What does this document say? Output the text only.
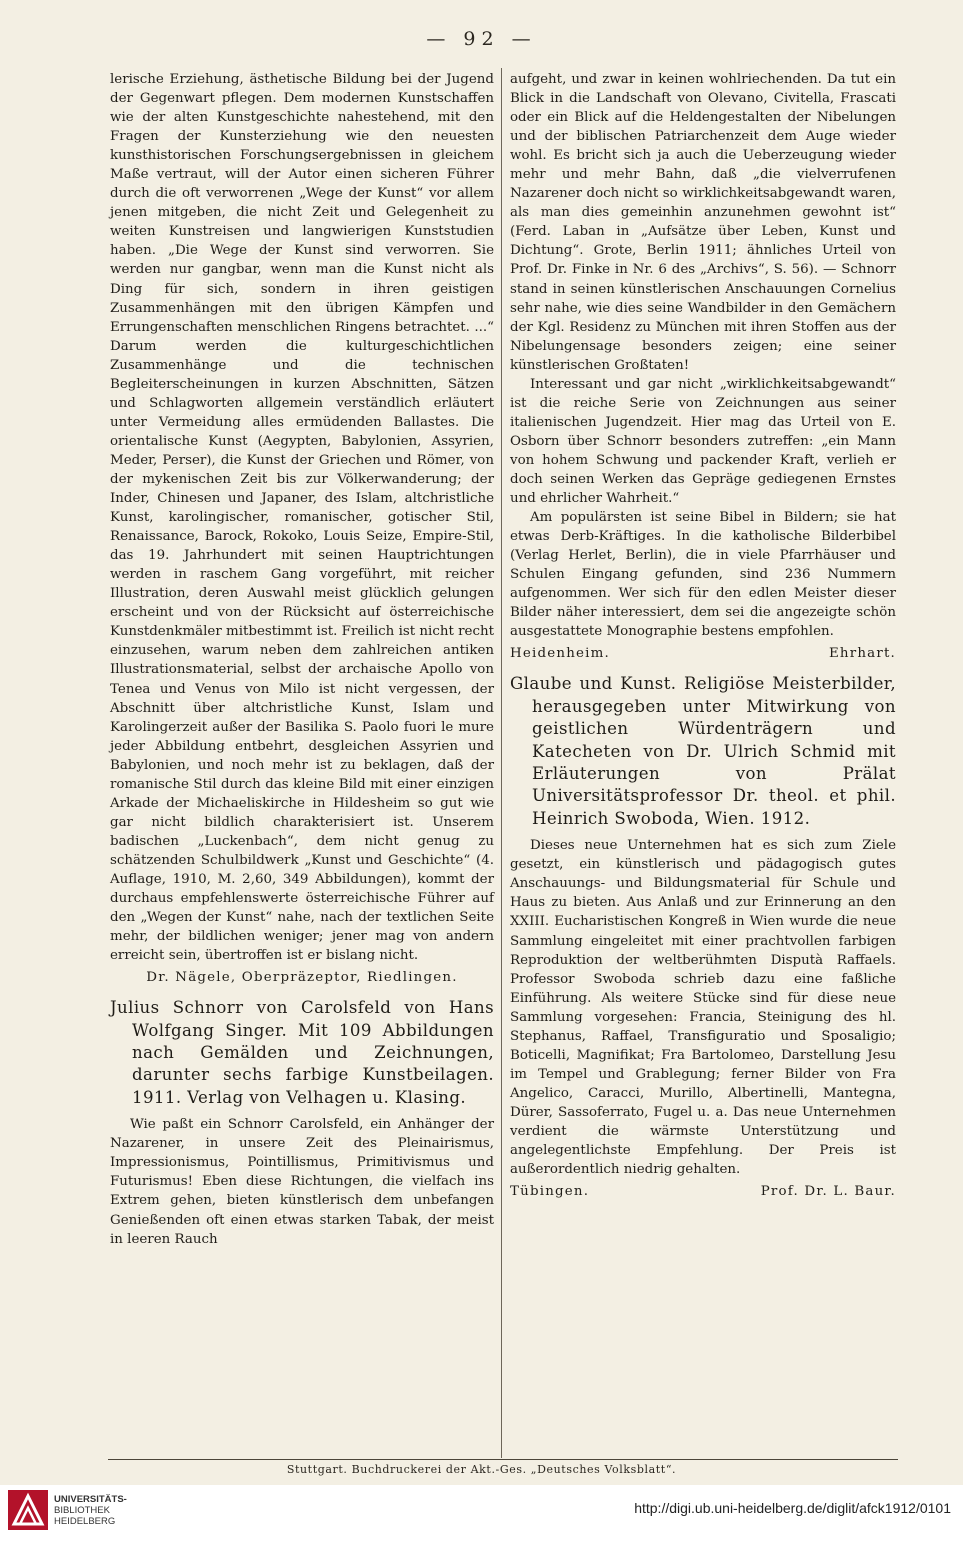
— 92 —

lerische Erziehung, ästhetische Bildung bei der Jugend der Gegenwart pflegen. Dem modernen Kunstschaffen wie der alten Kunstgeschichte nahestehend, mit den Fragen der Kunsterziehung wie den neuesten kunsthistorischen Forschungsergebnissen in gleichem Maße vertraut, will der Autor einen sicheren Führer durch die oft verworrenen „Wege der Kunst“ vor allem jenen mitgeben, die nicht Zeit und Gelegenheit zu weiten Kunstreisen und langwierigen Kunststudien haben. „Die Wege der Kunst sind verworren. Sie werden nur gangbar, wenn man die Kunst nicht als Ding für sich, sondern in ihren geistigen Zusammenhängen mit den übrigen Kämpfen und Errungenschaften menschlichen Ringens betrachtet. ...“ Darum werden die kulturgeschichtlichen Zusammenhänge und die technischen Begleiterscheinungen in kurzen Abschnitten, Sätzen und Schlagworten allgemein verständlich erläutert unter Vermeidung alles ermüdenden Ballastes. Die orientalische Kunst (Aegypten, Babylonien, Assyrien, Meder, Perser), die Kunst der Griechen und Römer, von der mykenischen Zeit bis zur Völkerwanderung; der Inder, Chinesen und Japaner, des Islam, altchristliche Kunst, karolingischer, romanischer, gotischer Stil, Renaissance, Barock, Rokoko, Louis Seize, Empire-Stil, das 19. Jahrhundert mit seinen Hauptrichtungen werden in raschem Gang vorgeführt, mit reicher Illustration, deren Auswahl meist glücklich gelungen erscheint und von der Rücksicht auf österreichische Kunstdenkmäler mitbestimmt ist. Freilich ist nicht recht einzusehen, warum neben dem zahlreichen antiken Illustrationsmaterial, selbst der archaische Apollo von Tenea und Venus von Milo ist nicht vergessen, der Abschnitt über altchristliche Kunst, Islam und Karolingerzeit außer der Basilika S. Paolo fuori le mure jeder Abbildung entbehrt, desgleichen Assyrien und Babylonien, und noch mehr ist zu beklagen, daß der romanische Stil durch das kleine Bild mit einer einzigen Arkade der Michaeliskirche in Hildesheim so gut wie gar nicht bildlich charakterisiert ist. Unserem badischen „Luckenbach“, dem nicht genug zu schätzenden Schulbildwerk „Kunst und Geschichte“ (4. Auflage, 1910, M. 2,60, 349 Abbildungen), kommt der durchaus empfehlenswerte österreichische Führer auf den „Wegen der Kunst“ nahe, nach der textlichen Seite mehr, der bildlichen weniger; jener mag von andern erreicht sein, übertroffen ist er bislang nicht.

Dr. Nägele, Oberpräzeptor, Riedlingen.
Julius Schnorr von Carolsfeld von Hans Wolfgang Singer. Mit 109 Abbildungen nach Gemälden und Zeichnungen, darunter sechs farbige Kunstbeilagen. 1911. Verlag von Velhagen u. Klasing.

Wie paßt ein Schnorr Carolsfeld, ein Anhänger der Nazarener, in unsere Zeit des Pleinairismus, Impressionismus, Pointillismus, Primitivismus und Futurismus! Eben diese Richtungen, die vielfach ins Extrem gehen, bieten künstlerisch dem unbefangen Genießenden oft einen etwas starken Tabak, der meist in leeren Rauch

aufgeht, und zwar in keinen wohlriechenden. Da tut ein Blick in die Landschaft von Olevano, Civitella, Frascati oder ein Blick auf die Heldengestalten der Nibelungen und der biblischen Patriarchenzeit dem Auge wieder wohl. Es bricht sich ja auch die Ueberzeugung wieder mehr und mehr Bahn, daß „die vielverrufenen Nazarener doch nicht so wirklichkeitsabgewandt waren, als man dies gemeinhin anzunehmen gewohnt ist“ (Ferd. Laban in „Aufsätze über Leben, Kunst und Dichtung“. Grote, Berlin 1911; ähnliches Urteil von Prof. Dr. Finke in Nr. 6 des „Archivs“, S. 56). — Schnorr stand in seinen künstlerischen Anschauungen Cornelius sehr nahe, wie dies seine Wandbilder in den Gemächern der Kgl. Residenz zu München mit ihren Stoffen aus der Nibelungensage besonders zeigen; eine seiner künstlerischen Großtaten!

Interessant und gar nicht „wirklichkeitsabgewandt“ ist die reiche Serie von Zeichnungen aus seiner italienischen Jugendzeit. Hier mag das Urteil von E. Osborn über Schnorr besonders zutreffen: „ein Mann von hohem Schwung und packender Kraft, verlieh er doch seinen Werken das Gepräge gediegenen Ernstes und ehrlicher Wahrheit.“

Am populärsten ist seine Bibel in Bildern; sie hat etwas Derb-Kräftiges. In die katholische Bilderbibel (Verlag Herlet, Berlin), die in viele Pfarrhäuser und Schulen Eingang gefunden, sind 236 Nummern aufgenommen. Wer sich für den edlen Meister dieser Bilder näher interessiert, dem sei die angezeigte schön ausgestattete Monographie bestens empfohlen.

Heidenheim.	Ehrhart.
Glaube und Kunst. Religiöse Meisterbilder, herausgegeben unter Mitwirkung von geistlichen Würdenträgern und Katecheten von Dr. Ulrich Schmid mit Erläuterungen von Prälat Universitätsprofessor Dr. theol. et phil. Heinrich Swoboda, Wien. 1912.

Dieses neue Unternehmen hat es sich zum Ziele gesetzt, ein künstlerisch und pädagogisch gutes Anschauungs- und Bildungsmaterial für Schule und Haus zu bieten. Aus Anlaß und zur Erinnerung an den XXIII. Eucharistischen Kongreß in Wien wurde die neue Sammlung eingeleitet mit einer prachtvollen farbigen Reproduktion der weltberühmten Disputà Raffaels. Professor Swoboda schrieb dazu eine faßliche Einführung. Als weitere Stücke sind für diese neue Sammlung vorgesehen: Francia, Steinigung des hl. Stephanus, Raffael, Transfiguratio und Sposaligio; Boticelli, Magnifikat; Fra Bartolomeo, Darstellung Jesu im Tempel und Grablegung; ferner Bilder von Fra Angelico, Caracci, Murillo, Albertinelli, Mantegna, Dürer, Sassoferrato, Fugel u. a. Das neue Unternehmen verdient die wärmste Unterstützung und angelegentlichste Empfehlung. Der Preis ist außerordentlich niedrig gehalten.

Tübingen.	Prof. Dr. L. Baur.
Stuttgart. Buchdruckerei der Akt.-Ges. „Deutsches Volksblatt“.
UNIVERSITÄTS-
BIBLIOTHEK
HEIDELBERG
http://digi.ub.uni-heidelberg.de/diglit/afck1912/0101
